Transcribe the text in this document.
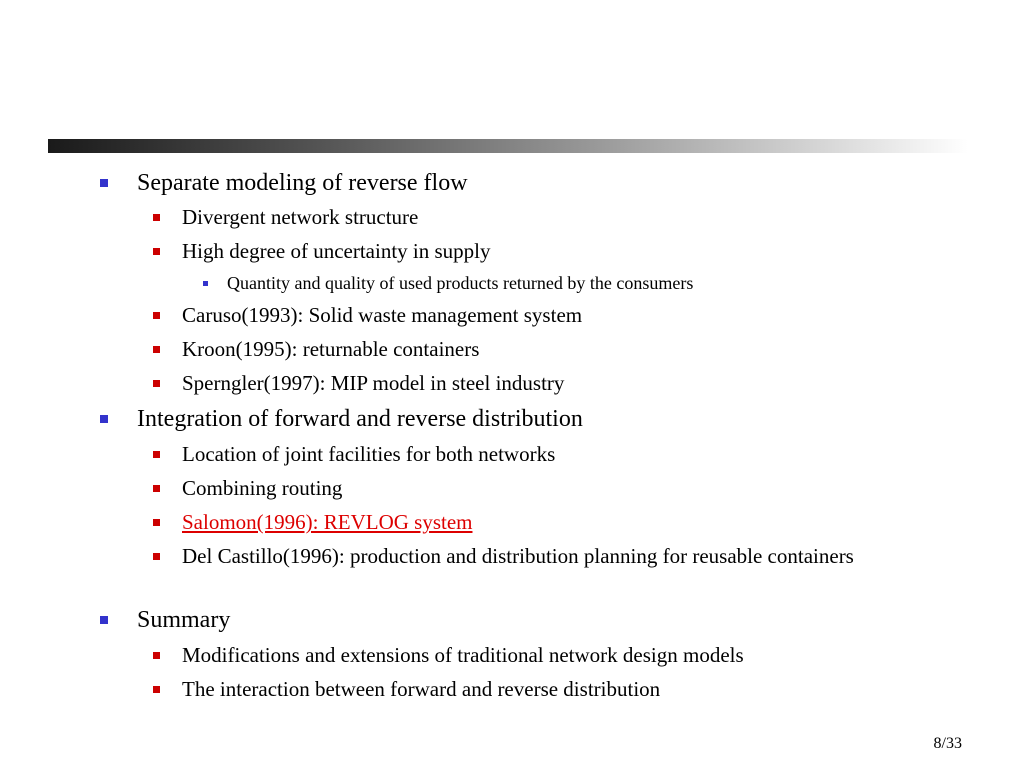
Separate modeling of reverse flow
Divergent network structure
High degree of uncertainty in supply
Quantity and quality of used products returned by the consumers
Caruso(1993): Solid waste management system
Kroon(1995): returnable containers
Sperngler(1997): MIP model in steel industry
Integration of forward and reverse distribution
Location of joint facilities for both networks
Combining routing
Salomon(1996): REVLOG system
Del Castillo(1996): production and distribution planning for reusable containers
Summary
Modifications and extensions of traditional network design models
The interaction between forward and reverse distribution
8/33
